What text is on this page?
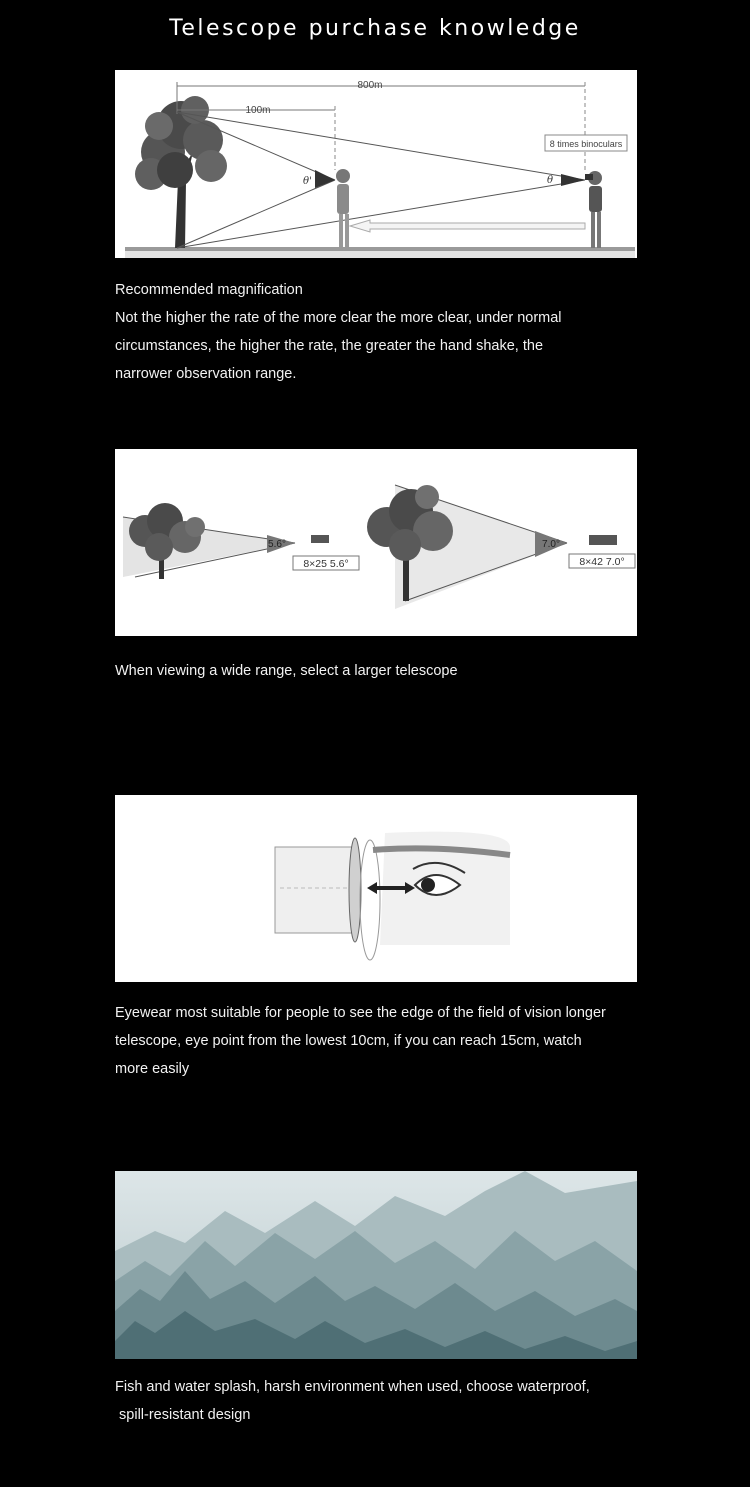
Telescope purchase knowledge
8 times binoculars
800m
100m
θ'	θ

Recommended magnification

Not the higher the rate of the more clear the more clear, under normal

circumstances, the higher the rate, the greater the hand shake, the

narrower observation range.

8×25 5.6°
5.6°
8×42 7.0°
7.0°

When viewing a wide range, select a larger telescope

Eyewear most suitable for people to see the edge of the field of vision longer

telescope, eye point from the lowest 10cm, if you can reach 15cm, watch

more easily

Fish and water splash, harsh environment when used, choose waterproof,

spill-resistant design
